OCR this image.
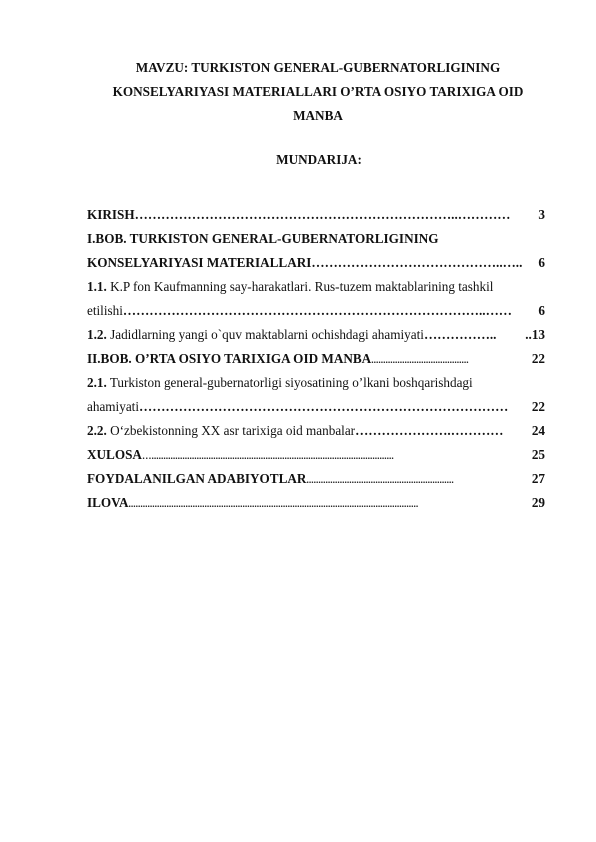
MAVZU: TURKISTON GENERAL-GUBERNATORLIGINING
KONSELYARIYASI MATERIALLARI O’RTA OSIYO TARIXIGA OID
MANBA
MUNDARIJA:
KIRISH………………………………………………………………..………… 3
I.BOB. TURKISTON GENERAL-GUBERNATORLIGINING
KONSELYARIYASI MATERIALLARI……………………………………..….. 6
1.1. K.P fon Kaufmanning say-harakatlari. Rus-tuzem maktablarining tashkil
etilishi………………………………………………………………………..…… 6
1.2. Jadidlarning yangi o`quv maktablarni ochishdagi ahamiyati…………….. ..13
II.BOB. O’RTA OSIYO TARIXIGA OID MANBA.........................................	22
2.1. Turkiston general-gubernatorligi siyosatining o’lkani boshqarishdagi
ahamiyati………………………………………………………………………… 22
2.2. O‘zbekistonning XX asr tarixiga oid manbalar………………….………… 24
XULOSA…......................................................................................................	25
FOYDALANILGAN ADABIYOTLAR..............................................................	27
ILOVA..........................................................................................................................	29
